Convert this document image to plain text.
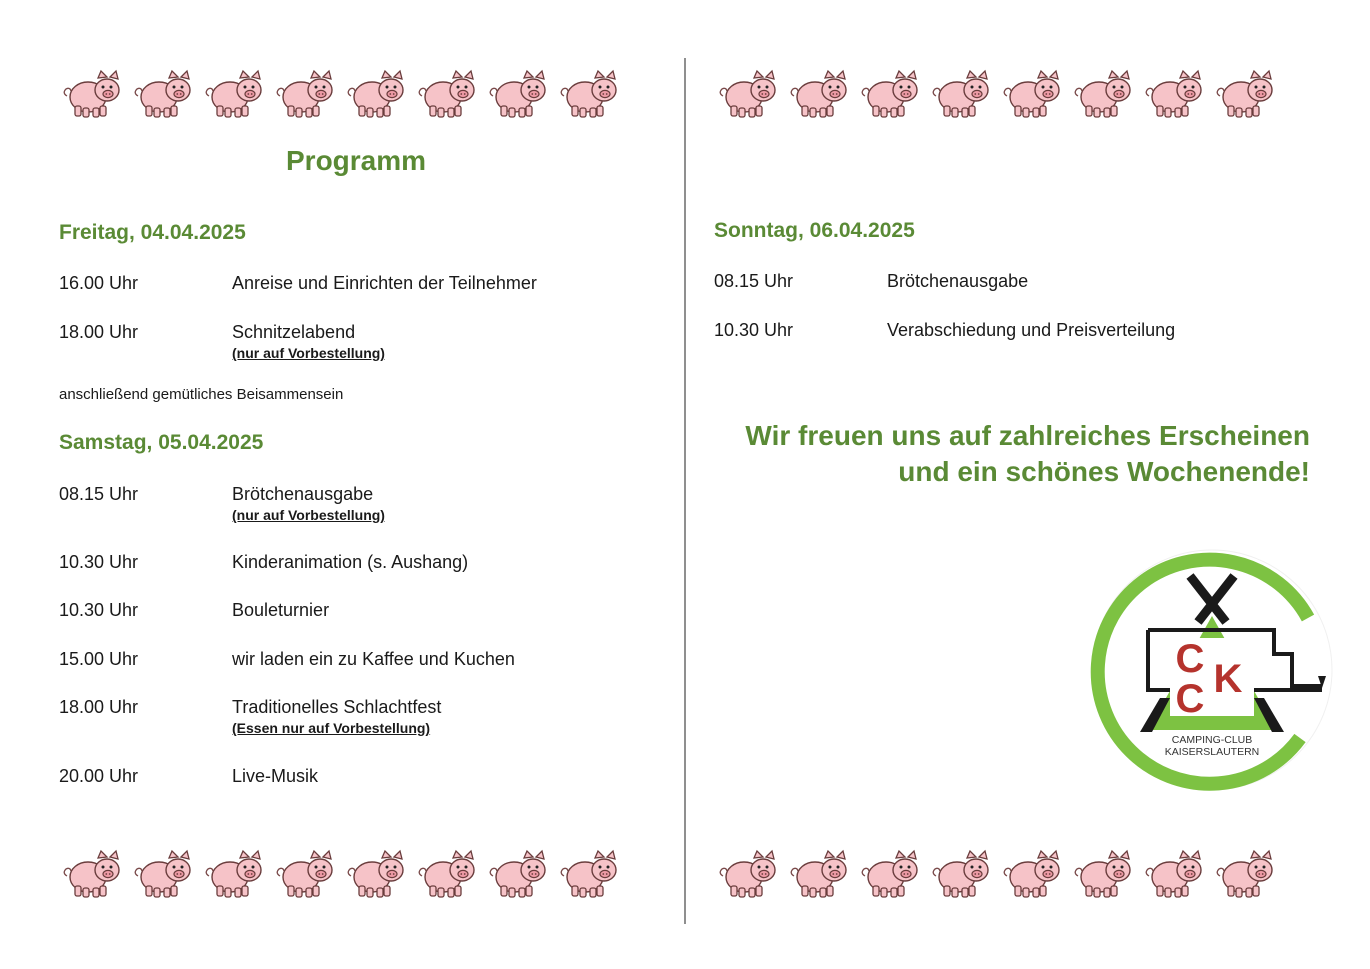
Programm
Freitag, 04.04.2025
16.00 Uhr	Anreise und Einrichten der Teilnehmer
18.00 Uhr	Schnitzelabend
(nur auf Vorbestellung)
anschließend gemütliches Beisammensein
Samstag, 05.04.2025
08.15 Uhr	Brötchenausgabe
(nur auf Vorbestellung)
10.30 Uhr	Kinderanimation (s. Aushang)
10.30 Uhr	Bouleturnier
15.00 Uhr	wir laden ein zu Kaffee und Kuchen
18.00 Uhr	Traditionelles Schlachtfest
(Essen nur auf Vorbestellung)
20.00 Uhr	Live-Musik
Sonntag, 06.04.2025
08.15 Uhr	Brötchenausgabe
10.30 Uhr	Verabschiedung und Preisverteilung
Wir freuen uns auf zahlreiches Erscheinen
und ein schönes Wochenende!
C
C K
CAMPING-CLUB
KAISERSLAUTERN
